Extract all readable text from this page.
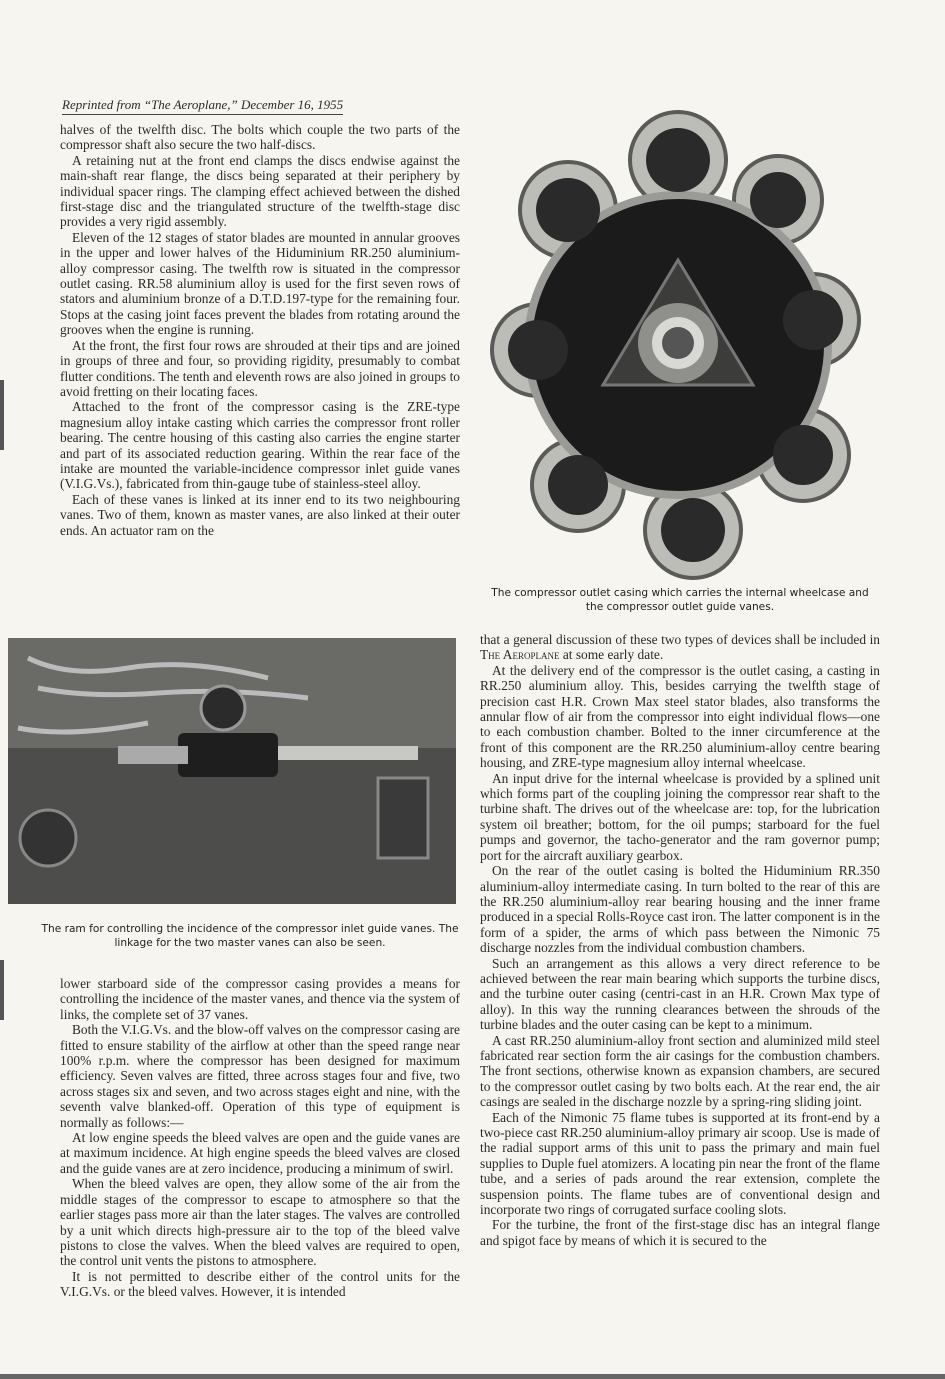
Reprinted from “The Aeroplane,” December 16, 1955

halves of the twelfth disc. The bolts which couple the two parts of the compressor shaft also secure the two half-discs.

A retaining nut at the front end clamps the discs endwise against the main-shaft rear flange, the discs being separated at their periphery by individual spacer rings. The clamping effect achieved between the dished first-stage disc and the triangulated structure of the twelfth-stage disc provides a very rigid assembly.

Eleven of the 12 stages of stator blades are mounted in annular grooves in the upper and lower halves of the Hiduminium RR.250 aluminium-alloy compressor casing. The twelfth row is situated in the compressor outlet casing. RR.58 aluminium alloy is used for the first seven rows of stators and aluminium bronze of a D.T.D.197-type for the remaining four. Stops at the casing joint faces prevent the blades from rotating around the grooves when the engine is running.

At the front, the first four rows are shrouded at their tips and are joined in groups of three and four, so providing rigidity, presumably to combat flutter conditions. The tenth and eleventh rows are also joined in groups to avoid fretting on their locating faces.

Attached to the front of the compressor casing is the ZRE-type magnesium alloy intake casting which carries the compressor front roller bearing. The centre housing of this casting also carries the engine starter and part of its associated reduction gearing. Within the rear face of the intake are mounted the variable-incidence compressor inlet guide vanes (V.I.G.Vs.), fabricated from thin-gauge tube of stainless-steel alloy.

Each of these vanes is linked at its inner end to its two neighbouring vanes. Two of them, known as master vanes, are also linked at their outer ends. An actuator ram on the

The compressor outlet casing which carries the internal wheelcase and the compressor outlet guide vanes.
The ram for controlling the incidence of the compressor inlet guide vanes. The linkage for the two master vanes can also be seen.

lower starboard side of the compressor casing provides a means for controlling the incidence of the master vanes, and thence via the system of links, the complete set of 37 vanes.

Both the V.I.G.Vs. and the blow-off valves on the compressor casing are fitted to ensure stability of the airflow at other than the speed range near 100% r.p.m. where the compressor has been designed for maximum efficiency. Seven valves are fitted, three across stages four and five, two across stages six and seven, and two across stages eight and nine, with the seventh valve blanked-off. Operation of this type of equipment is normally as follows:—

At low engine speeds the bleed valves are open and the guide vanes are at maximum incidence. At high engine speeds the bleed valves are closed and the guide vanes are at zero incidence, producing a minimum of swirl.

When the bleed valves are open, they allow some of the air from the middle stages of the compressor to escape to atmosphere so that the earlier stages pass more air than the later stages. The valves are controlled by a unit which directs high-pressure air to the top of the bleed valve pistons to close the valves. When the bleed valves are required to open, the control unit vents the pistons to atmosphere.

It is not permitted to describe either of the control units for the V.I.G.Vs. or the bleed valves. However, it is intended

that a general discussion of these two types of devices shall be included in The Aeroplane at some early date.

At the delivery end of the compressor is the outlet casing, a casting in RR.250 aluminium alloy. This, besides carrying the twelfth stage of precision cast H.R. Crown Max steel stator blades, also transforms the annular flow of air from the compressor into eight individual flows—one to each combustion chamber. Bolted to the inner circumference at the front of this component are the RR.250 aluminium-alloy centre bearing housing, and ZRE-type magnesium alloy internal wheelcase.

An input drive for the internal wheelcase is provided by a splined unit which forms part of the coupling joining the compressor rear shaft to the turbine shaft. The drives out of the wheelcase are: top, for the lubrication system oil breather; bottom, for the oil pumps; starboard for the fuel pumps and governor, the tacho-generator and the ram governor pump; port for the aircraft auxiliary gearbox.

On the rear of the outlet casing is bolted the Hiduminium RR.350 aluminium-alloy intermediate casing. In turn bolted to the rear of this are the RR.250 aluminium-alloy rear bearing housing and the inner frame produced in a special Rolls-Royce cast iron. The latter component is in the form of a spider, the arms of which pass between the Nimonic 75 discharge nozzles from the individual combustion chambers.

Such an arrangement as this allows a very direct reference to be achieved between the rear main bearing which supports the turbine discs, and the turbine outer casing (centri-cast in an H.R. Crown Max type of alloy). In this way the running clearances between the shrouds of the turbine blades and the outer casing can be kept to a minimum.

A cast RR.250 aluminium-alloy front section and aluminized mild steel fabricated rear section form the air casings for the combustion chambers. The front sections, otherwise known as expansion chambers, are secured to the compressor outlet casing by two bolts each. At the rear end, the air casings are sealed in the discharge nozzle by a spring-ring sliding joint.

Each of the Nimonic 75 flame tubes is supported at its front-end by a two-piece cast RR.250 aluminium-alloy primary air scoop. Use is made of the radial support arms of this unit to pass the primary and main fuel supplies to Duple fuel atomizers. A locating pin near the front of the flame tube, and a series of pads around the rear extension, complete the suspension points. The flame tubes are of conventional design and incorporate two rings of corrugated surface cooling slots.

For the turbine, the front of the first-stage disc has an integral flange and spigot face by means of which it is secured to the
